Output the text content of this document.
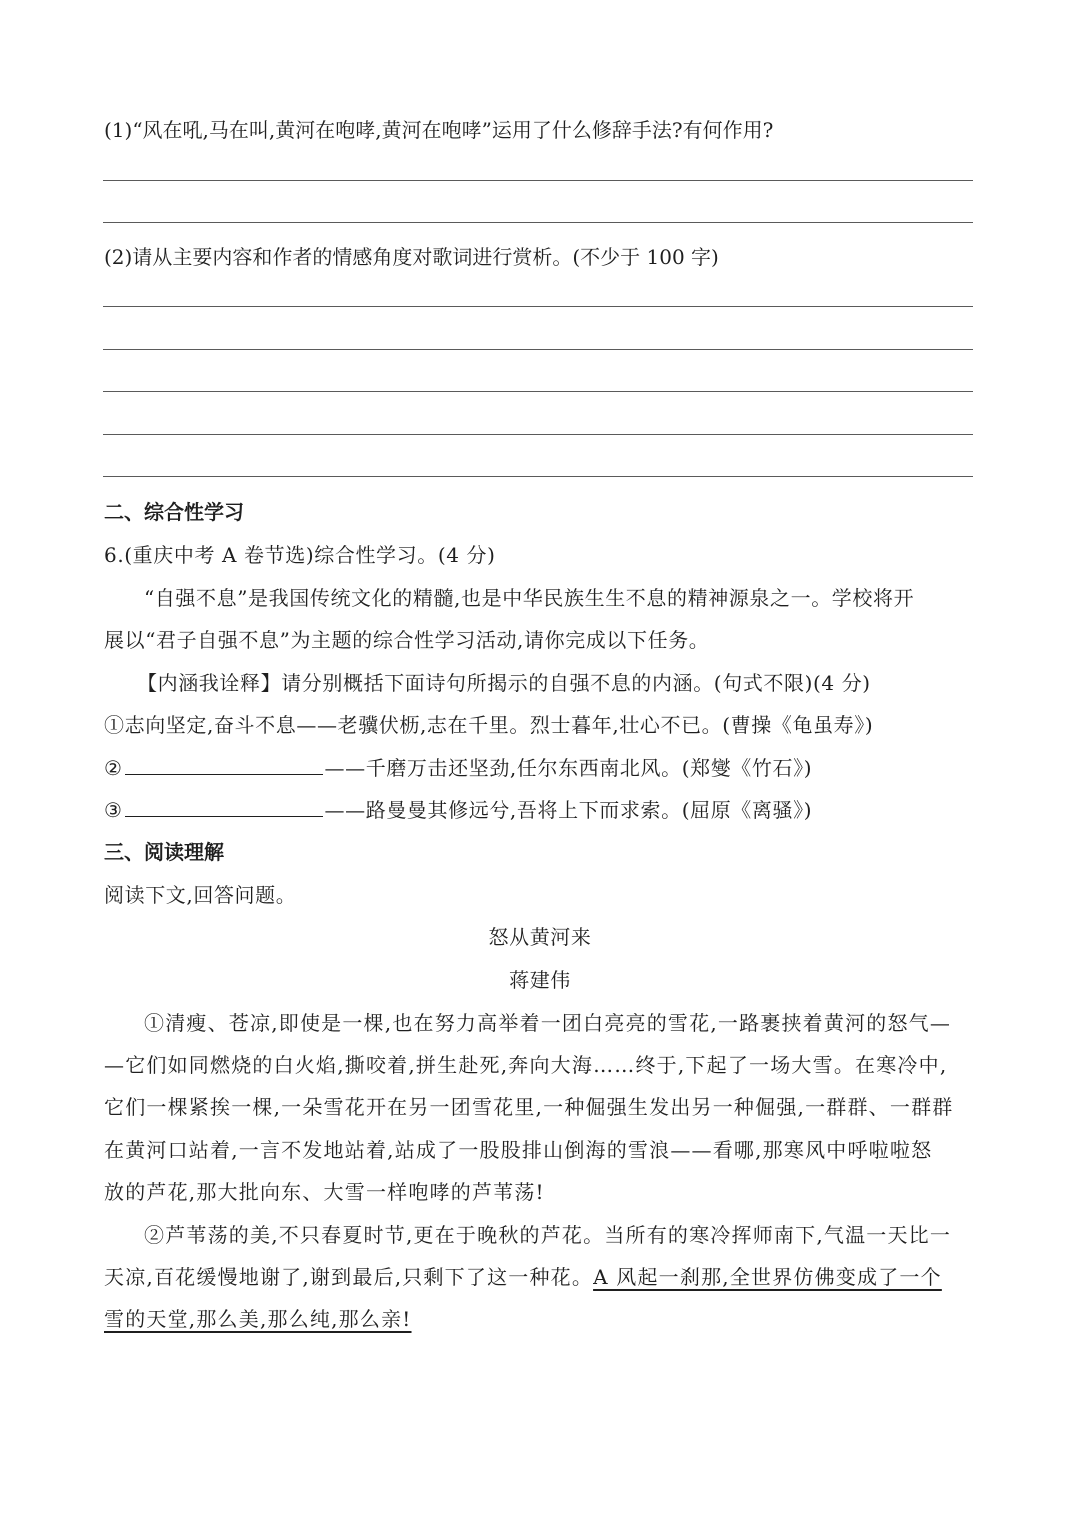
(1)“风在吼,马在叫,黄河在咆哮,黄河在咆哮”运用了什么修辞手法?有何作用?
(2)请从主要内容和作者的情感角度对歌词进行赏析。(不少于 100 字)
二、综合性学习
6.(重庆中考 A 卷节选)综合性学习。(4 分)
“自强不息”是我国传统文化的精髓,也是中华民族生生不息的精神源泉之一。学校将开
展以“君子自强不息”为主题的综合性学习活动,请你完成以下任务。
【内涵我诠释】请分别概括下面诗句所揭示的自强不息的内涵。(句式不限)(4 分)
①志向坚定,奋斗不息——老骥伏枥,志在千里。烈士暮年,壮心不已。(曹操《龟虽寿》)
②	——千磨万击还坚劲,任尔东西南北风。(郑燮《竹石》)
③	——路曼曼其修远兮,吾将上下而求索。(屈原《离骚》)
三、阅读理解
阅读下文,回答问题。
怒从黄河来
蒋建伟
①清瘦、苍凉,即使是一棵,也在努力高举着一团白亮亮的雪花,一路裹挟着黄河的怒气—
—它们如同燃烧的白火焰,撕咬着,拼生赴死,奔向大海……终于,下起了一场大雪。在寒冷中,
它们一棵紧挨一棵,一朵雪花开在另一团雪花里,一种倔强生发出另一种倔强,一群群、一群群
在黄河口站着,一言不发地站着,站成了一股股排山倒海的雪浪——看哪,那寒风中呼啦啦怒
放的芦花,那大批向东、大雪一样咆哮的芦苇荡!
②芦苇荡的美,不只春夏时节,更在于晚秋的芦花。当所有的寒冷挥师南下,气温一天比一
天凉,百花缓慢地谢了,谢到最后,只剩下了这一种花。A 风起一刹那,全世界仿佛变成了一个
雪的天堂,那么美,那么纯,那么亲!
